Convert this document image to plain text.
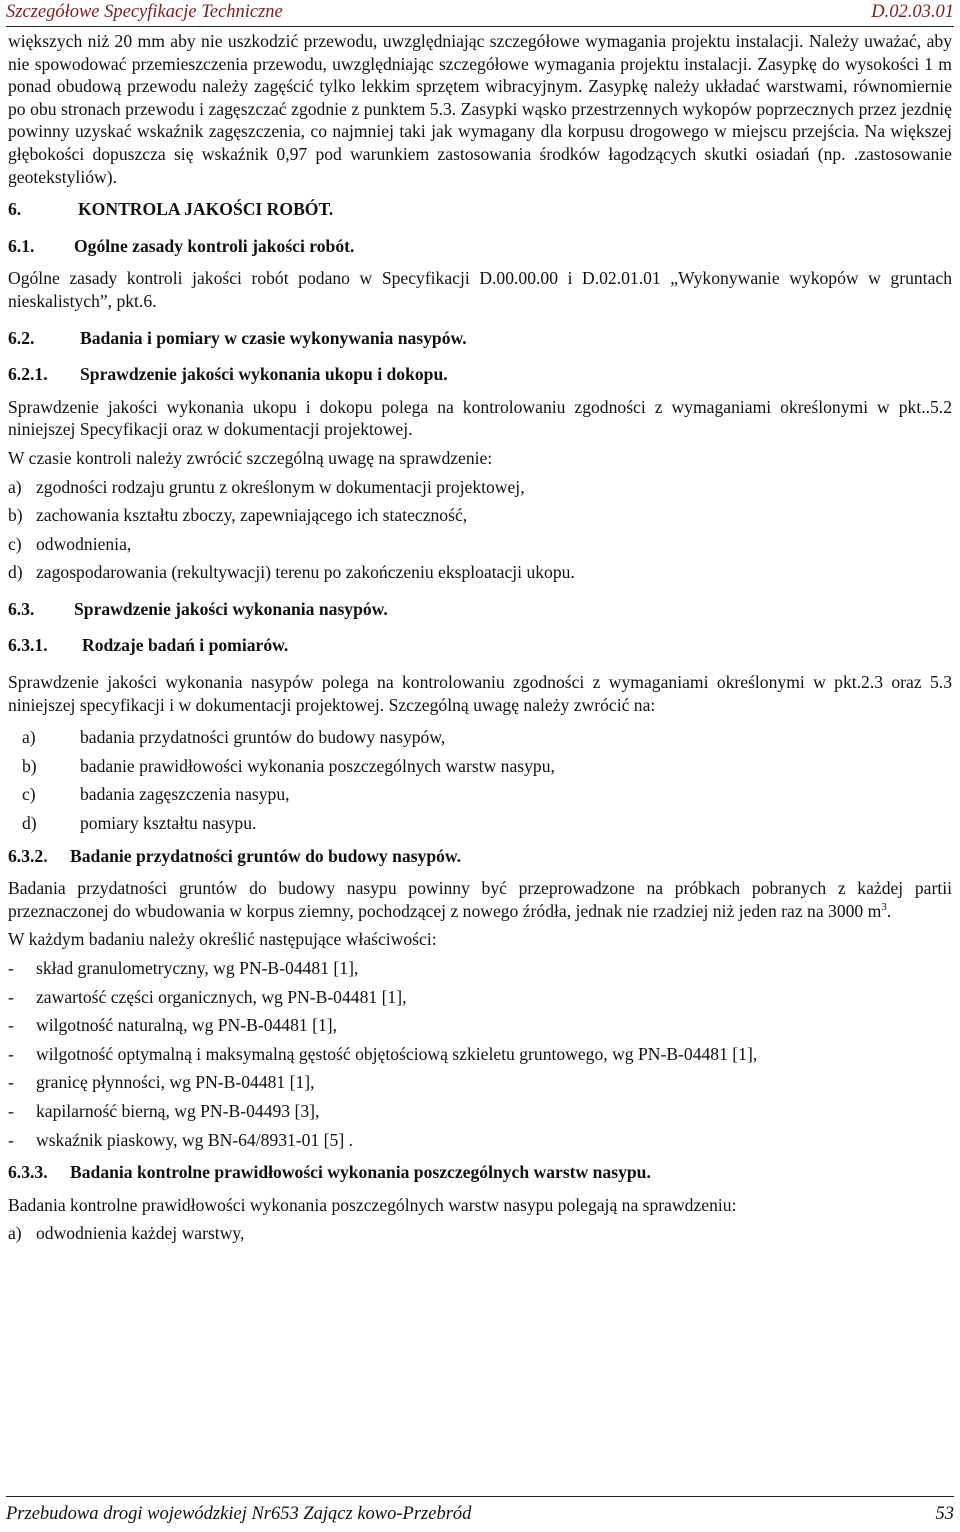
Szczegółowe Specyfikacje Techniczne	D.02.03.01

większych niż 20 mm aby nie uszkodzić przewodu, uwzględniając szczegółowe wymagania projektu instalacji. Należy uważać, aby nie spowodować przemieszczenia przewodu, uwzględniając szczegółowe wymagania projektu instalacji. Zasypkę do wysokości 1 m ponad obudową przewodu należy zagęścić tylko lekkim sprzętem wibracyjnym. Zasypkę należy układać warstwami, równomiernie po obu stronach przewodu i zagęszczać zgodnie z punktem 5.3. Zasypki wąsko przestrzennych wykopów poprzecznych przez jezdnię powinny uzyskać wskaźnik zagęszczenia, co najmniej taki jak wymagany dla korpusu drogowego w miejscu przejścia. Na większej głębokości dopuszcza się wskaźnik 0,97 pod warunkiem zastosowania środków łagodzących skutki osiadań (np. .zastosowanie geotekstyliów).

6.	KONTROLA JAKOŚCI ROBÓT.

6.1. Ogólne zasady kontroli jakości robót.

Ogólne zasady kontroli jakości robót podano w Specyfikacji D.00.00.00 i D.02.01.01 „Wykonywanie wykopów w gruntach nieskalistych”, pkt.6.

6.2.	Badania i pomiary w czasie wykonywania nasypów.

6.2.1. Sprawdzenie jakości wykonania ukopu i dokopu.

Sprawdzenie jakości wykonania ukopu i dokopu polega na kontrolowaniu zgodności z wymaganiami określonymi w pkt..5.2 niniejszej Specyfikacji oraz w dokumentacji projektowej.

W czasie kontroli należy zwrócić szczególną uwagę na sprawdzenie:

a) zgodności rodzaju gruntu z określonym w dokumentacji projektowej,

b) zachowania kształtu zboczy, zapewniającego ich stateczność,

c) odwodnienia,

d) zagospodarowania (rekultywacji) terenu po zakończeniu eksploatacji ukopu.

6.3. Sprawdzenie jakości wykonania nasypów.

6.3.1. Rodzaje badań i pomiarów.

Sprawdzenie jakości wykonania nasypów polega na kontrolowaniu zgodności z wymaganiami określonymi w pkt.2.3 oraz 5.3 niniejszej specyfikacji i w dokumentacji projektowej. Szczególną uwagę należy zwrócić na:

a)	badania przydatności gruntów do budowy nasypów,

b) badanie prawidłowości wykonania poszczególnych warstw nasypu,

c)	badania zagęszczenia nasypu,

d) pomiary kształtu nasypu.

6.3.2. Badanie przydatności gruntów do budowy nasypów.

Badania przydatności gruntów do budowy nasypu powinny być przeprowadzone na próbkach pobranych z każdej partii przeznaczonej do wbudowania w korpus ziemny, pochodzącej z nowego źródła, jednak nie rzadziej niż jeden raz na 3000 $m^3$.

W każdym badaniu należy określić następujące właściwości:

- skład granulometryczny, wg PN-B-04481 [1],

- zawartość części organicznych, wg PN-B-04481 [1],

- wilgotność naturalną, wg PN-B-04481 [1],

- wilgotność optymalną i maksymalną gęstość objętościową szkieletu gruntowego, wg PN-B-04481 [1],

- granicę płynności, wg PN-B-04481 [1],

- kapilarność bierną, wg PN-B-04493 [3],

- wskaźnik piaskowy, wg BN-64/8931-01 [5] .

6.3.3. Badania kontrolne prawidłowości wykonania poszczególnych warstw nasypu.

Badania kontrolne prawidłowości wykonania poszczególnych warstw nasypu polegają na sprawdzeniu:

a) odwodnienia każdej warstwy,

Przebudowa drogi wojewódzkiej Nr653 Zającz kowo-Przebród	53
